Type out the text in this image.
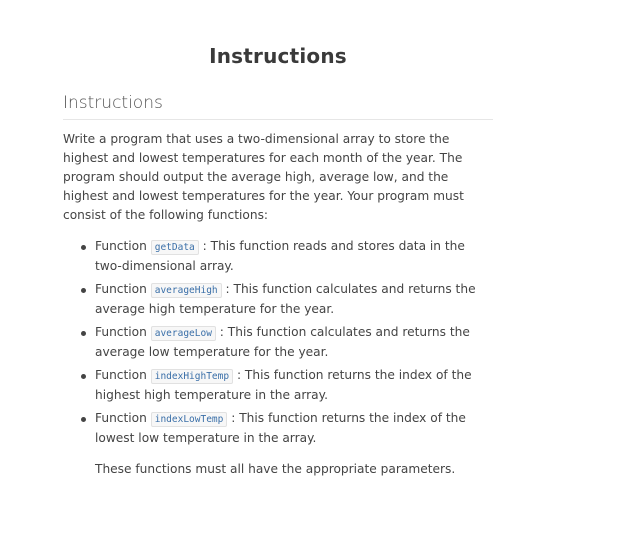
Instructions
Instructions

Write a program that uses a two-dimensional array to store the highest and lowest temperatures for each month of the year. The program should output the average high, average low, and the highest and lowest temperatures for the year. Your program must consist of the following functions:

Function getData : This function reads and stores data in the two-dimensional array.
Function averageHigh : This function calculates and returns the average high temperature for the year.
Function averageLow : This function calculates and returns the average low temperature for the year.
Function indexHighTemp : This function returns the index of the highest high temperature in the array.
Function indexLowTemp : This function returns the index of the lowest low temperature in the array.

These functions must all have the appropriate parameters.
